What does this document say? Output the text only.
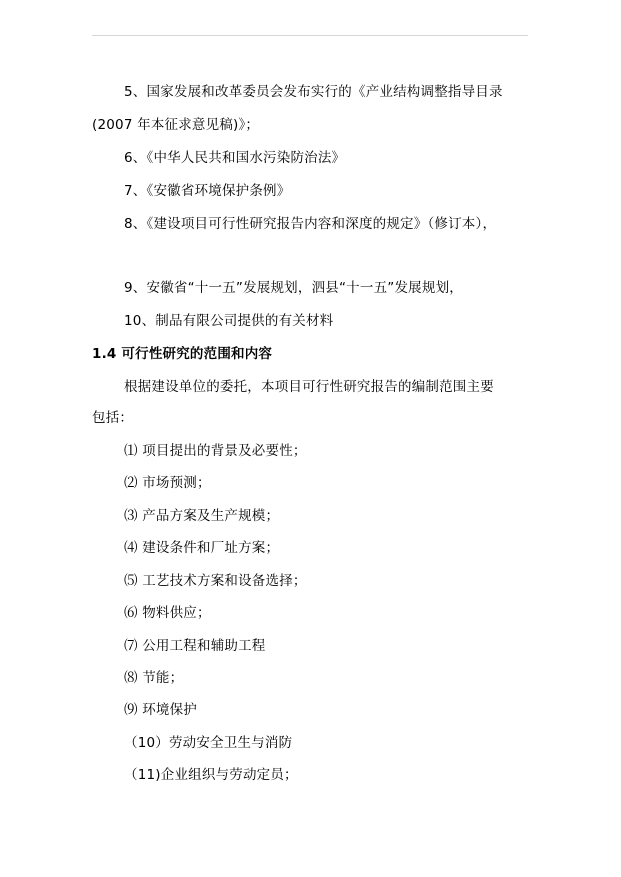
5、国家发展和改革委员会发布实行的《产业结构调整指导目录
(2007 年本征求意见稿)》；
6、《中华人民共和国水污染防治法》
7、《安徽省环境保护条例》
8、《建设项目可行性研究报告内容和深度的规定》（修订本），
9、安徽省“十一五”发展规划，泗县“十一五”发展规划，
10、制品有限公司提供的有关材料
1.4 可行性研究的范围和内容
根据建设单位的委托，本项目可行性研究报告的编制范围主要
包括：
⑴ 项目提出的背景及必要性；
⑵ 市场预测；
⑶ 产品方案及生产规模；
⑷ 建设条件和厂址方案；
⑸ 工艺技术方案和设备选择；
⑹ 物料供应；
⑺ 公用工程和辅助工程
⑻ 节能；
⑼ 环境保护
（10）劳动安全卫生与消防
（11)企业组织与劳动定员；
